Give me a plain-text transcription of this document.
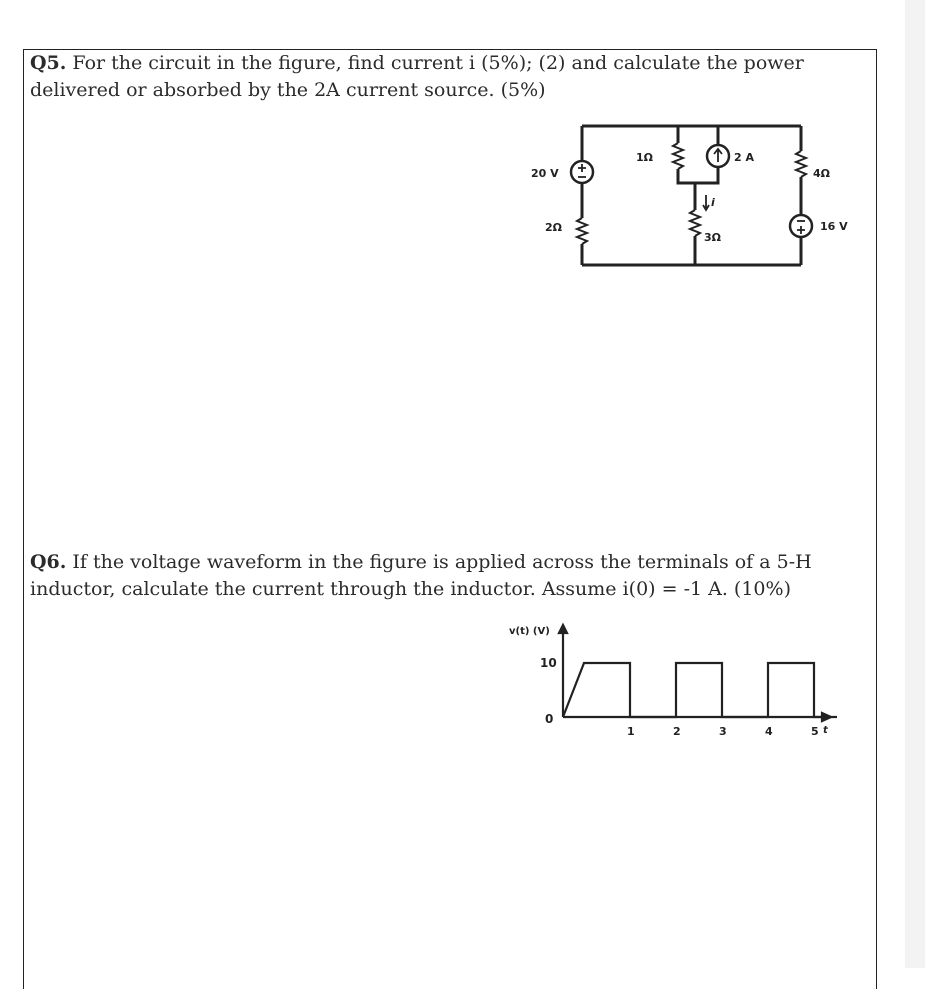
Q5. For the circuit in the figure, find current i (5%); (2) and calculate the power delivered or absorbed by the 2A current source. (5%)
20 V
2Ω
1Ω	2 A
i
3Ω
4Ω
16 V
Q6. If the voltage waveform in the figure is applied across the terminals of a 5-H inductor, calculate the current through the inductor. Assume i(0) = -1 A. (10%)
v(t) (V)
t
10
0
1	2	3	4	5
